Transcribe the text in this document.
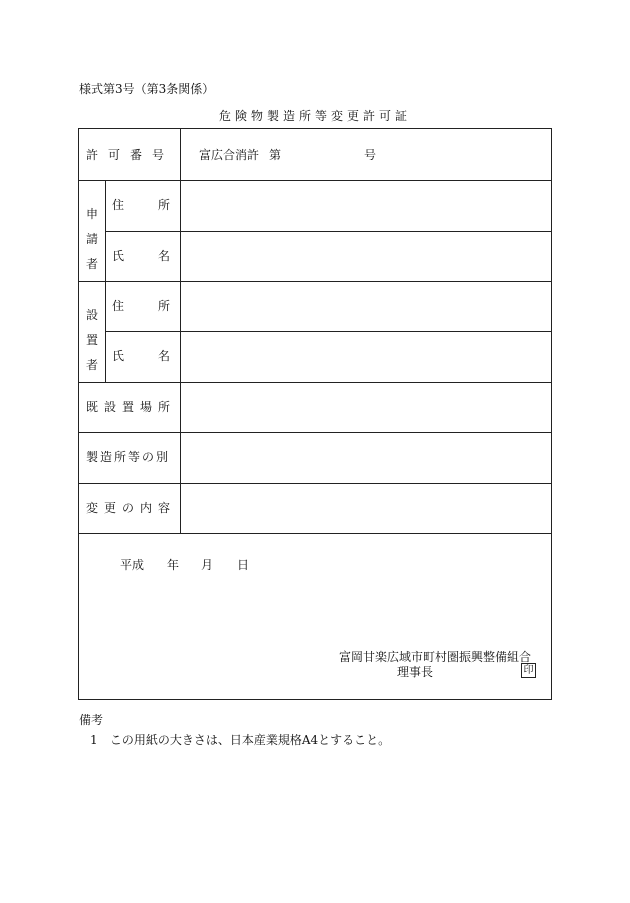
様式第3号（第3条関係）
危険物製造所等変更許可証
許可番号 富広合消許 第	号
申
請
者
住所
氏名
設
置
者
住所
氏名
既設置場所
製造所等の別
変更の内容
平成 年 月 日
富岡甘楽広域市町村圏振興整備組合
理事長	印
備考
1 この用紙の大きさは、日本産業規格A4とすること。
